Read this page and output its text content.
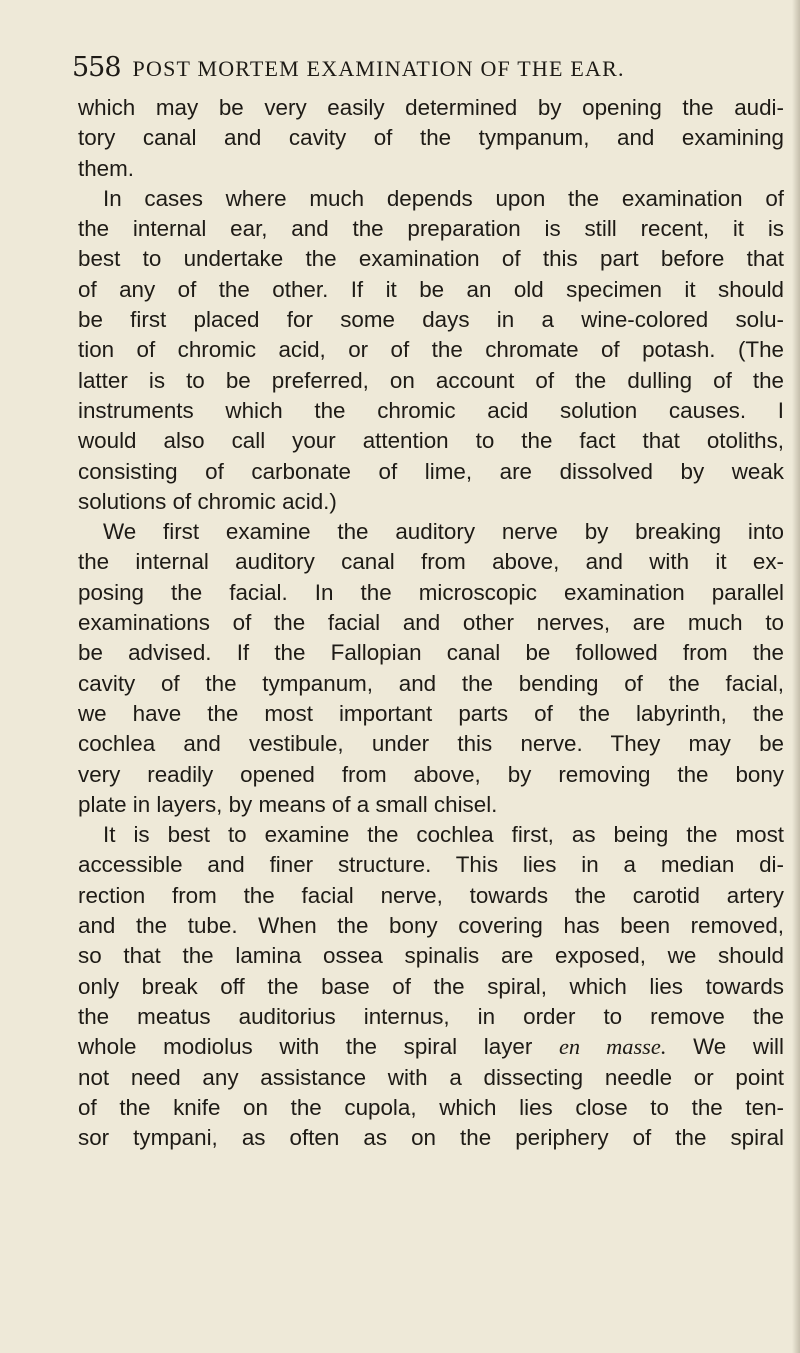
558 POST MORTEM EXAMINATION OF THE EAR.

which may be very easily determined by opening the audi-
tory canal and cavity of the tympanum, and examining
them.

In cases where much depends upon the examination of
the internal ear, and the preparation is still recent, it is
best to undertake the examination of this part before that
of any of the other. If it be an old specimen it should
be first placed for some days in a wine-colored solu-
tion of chromic acid, or of the chromate of potash. (The
latter is to be preferred, on account of the dulling of the
instruments which the chromic acid solution causes. I
would also call your attention to the fact that otoliths,
consisting of carbonate of lime, are dissolved by weak
solutions of chromic acid.)

We first examine the auditory nerve by breaking into
the internal auditory canal from above, and with it ex-
posing the facial. In the microscopic examination parallel
examinations of the facial and other nerves, are much to
be advised. If the Fallopian canal be followed from the
cavity of the tympanum, and the bending of the facial,
we have the most important parts of the labyrinth, the
cochlea and vestibule, under this nerve. They may be
very readily opened from above, by removing the bony
plate in layers, by means of a small chisel.

It is best to examine the cochlea first, as being the most
accessible and finer structure. This lies in a median di-
rection from the facial nerve, towards the carotid artery
and the tube. When the bony covering has been removed,
so that the lamina ossea spinalis are exposed, we should
only break off the base of the spiral, which lies towards
the meatus auditorius internus, in order to remove the
whole modiolus with the spiral layer en masse. We will
not need any assistance with a dissecting needle or point
of the knife on the cupola, which lies close to the ten-
sor tympani, as often as on the periphery of the spiral
